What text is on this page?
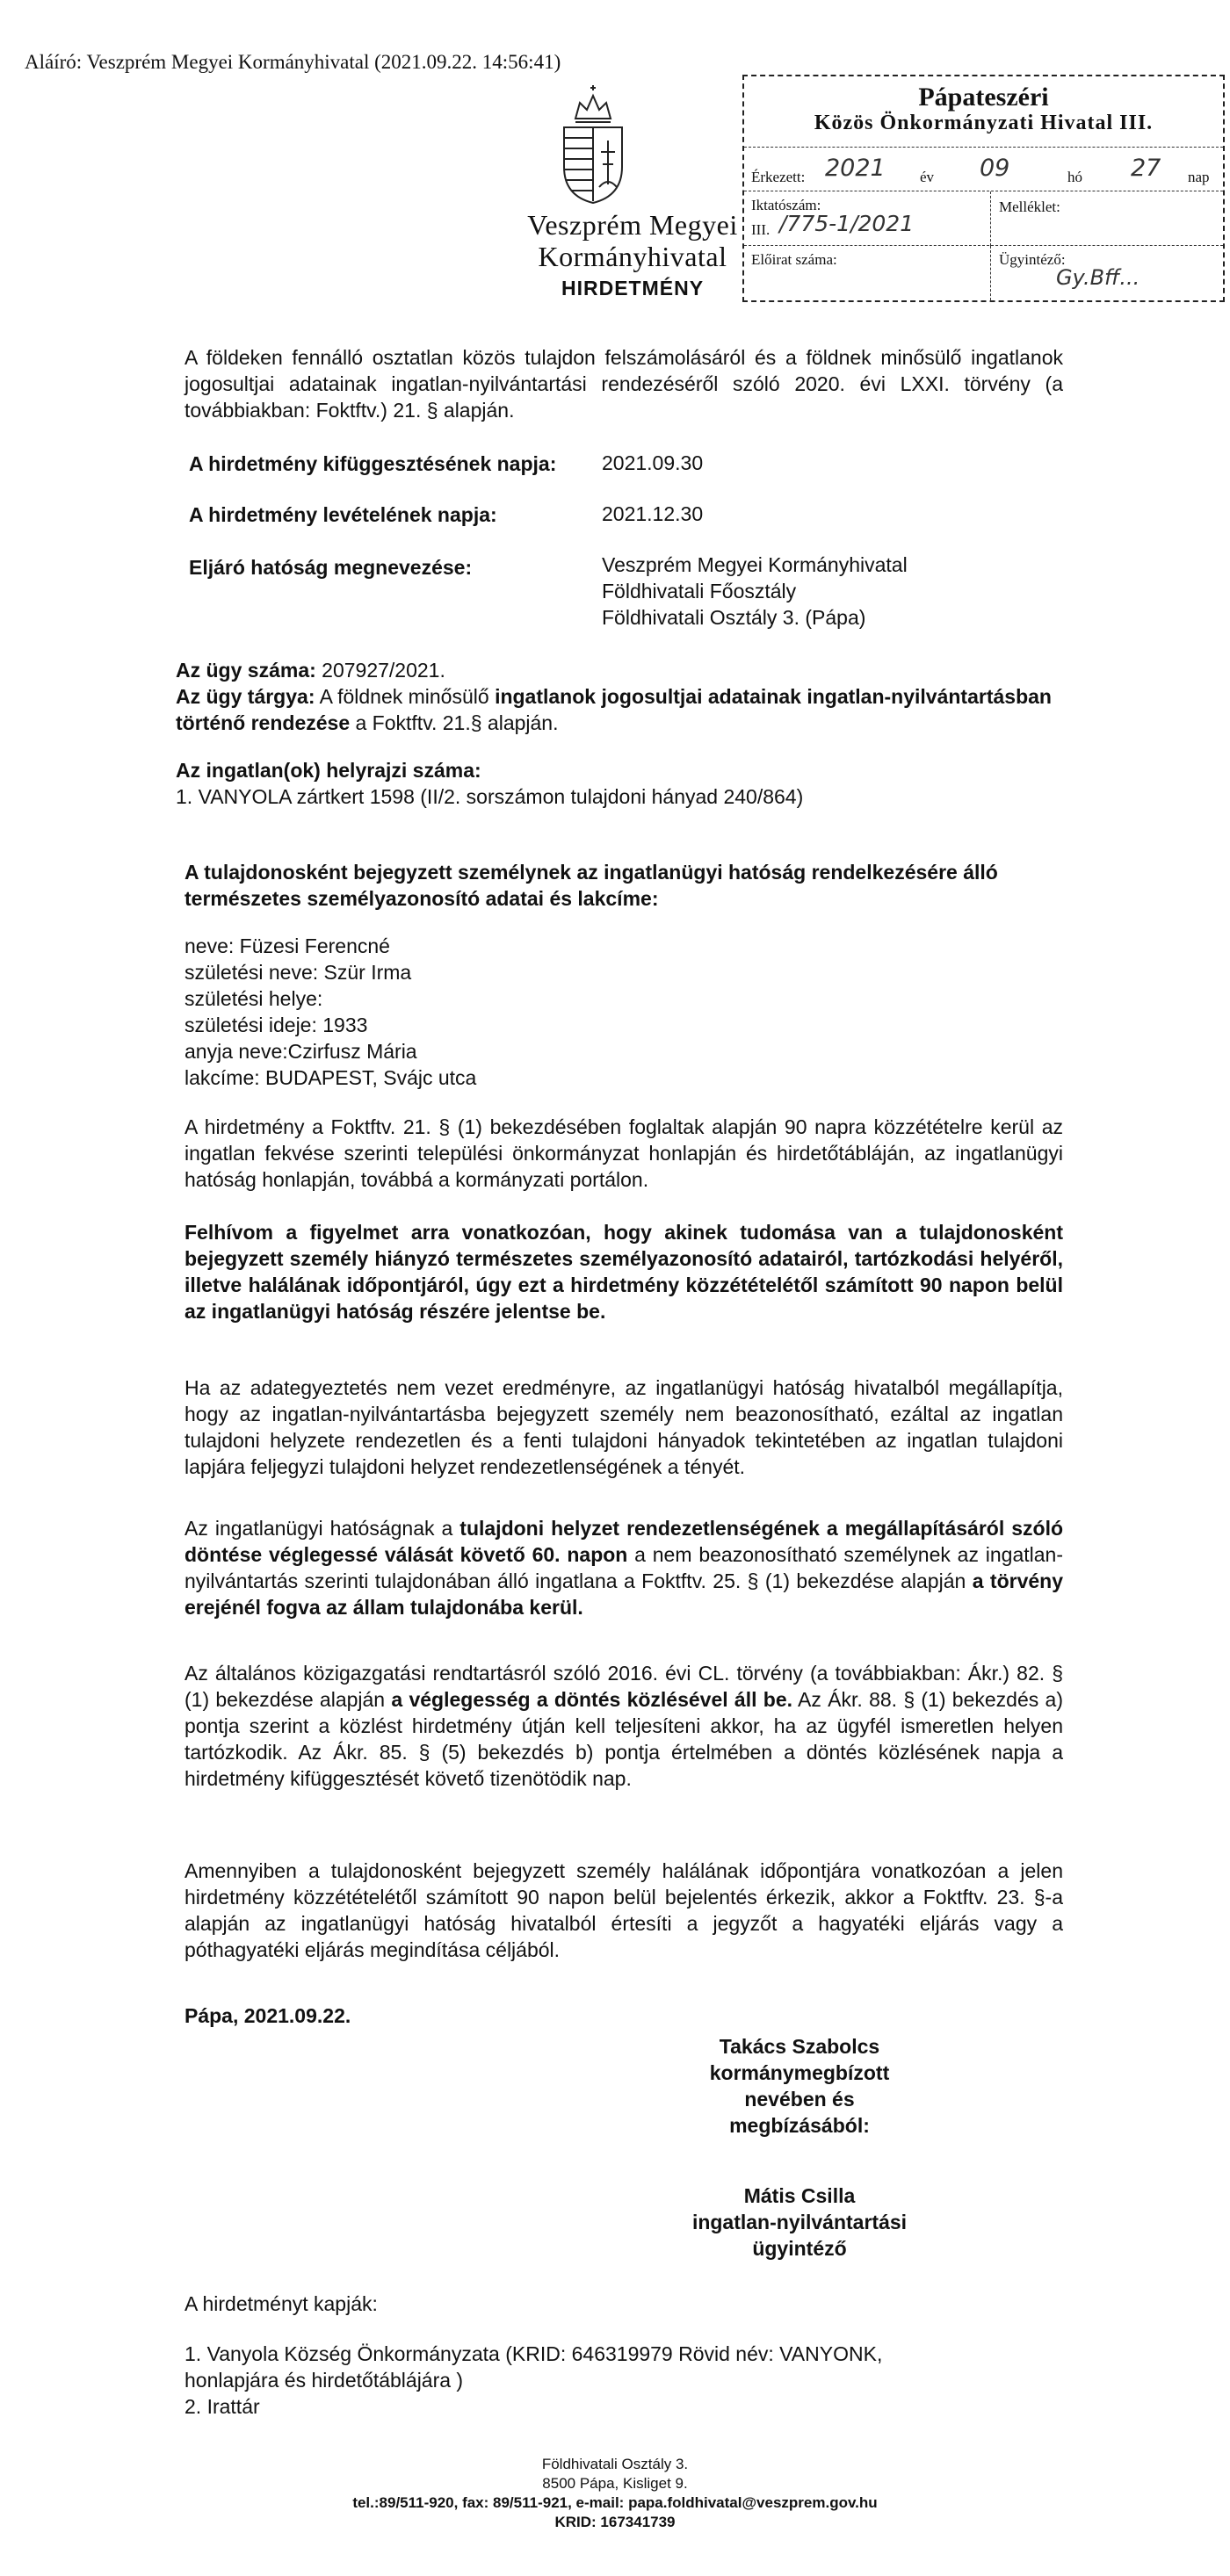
Aláíró: Veszprém Megyei Kormányhivatal (2021.09.22. 14:56:41)
Veszprém Megyei
Kormányhivatal
HIRDETMÉNY
Pápateszéri
Közös Önkormányzati Hivatal III.
Érkezett: 2021 év 09	hó 27 nap
Iktatószám:
III. /775-1/2021
Melléklet:
Előirat száma:	Ügyintéző:
Gy.Bff...
A földeken fennálló osztatlan közös tulajdon felszámolásáról és a földnek minősülő ingatlanok jogosultjai adatainak ingatlan-nyilvántartási rendezéséről szóló 2020. évi LXXI. törvény (a továbbiakban: Foktftv.) 21. § alapján.
A hirdetmény kifüggesztésének napja: 2021.09.30
A hirdetmény levételének napja:	2021.12.30
Eljáró hatóság megnevezése:	Veszprém Megyei Kormányhivatal
Földhivatali Főosztály
Földhivatali Osztály 3. (Pápa)
Az ügy száma: 207927/2021.
Az ügy tárgya: A földnek minősülő ingatlanok jogosultjai adatainak ingatlan-nyilvántartásban történő rendezése a Foktftv. 21.§ alapján.
Az ingatlan(ok) helyrajzi száma:
1. VANYOLA zártkert 1598 (II/2. sorszámon tulajdoni hányad 240/864)
A tulajdonosként bejegyzett személynek az ingatlanügyi hatóság rendelkezésére álló természetes személyazonosító adatai és lakcíme:
neve: Füzesi Ferencné
születési neve: Szür Irma
születési helye:
születési ideje: 1933
anyja neve:Czirfusz Mária
lakcíme: BUDAPEST, Svájc utca
A hirdetmény a Foktftv. 21. § (1) bekezdésében foglaltak alapján 90 napra közzétételre kerül az ingatlan fekvése szerinti települési önkormányzat honlapján és hirdetőtábláján, az ingatlanügyi hatóság honlapján, továbbá a kormányzati portálon.
Felhívom a figyelmet arra vonatkozóan, hogy akinek tudomása van a tulajdonosként bejegyzett személy hiányzó természetes személyazonosító adatairól, tartózkodási helyéről, illetve halálának időpontjáról, úgy ezt a hirdetmény közzétételétől számított 90 napon belül az ingatlanügyi hatóság részére jelentse be.
Ha az adategyeztetés nem vezet eredményre, az ingatlanügyi hatóság hivatalból megállapítja, hogy az ingatlan-nyilvántartásba bejegyzett személy nem beazonosítható, ezáltal az ingatlan tulajdoni helyzete rendezetlen és a fenti tulajdoni hányadok tekintetében az ingatlan tulajdoni lapjára feljegyzi tulajdoni helyzet rendezetlenségének a tényét.
Az ingatlanügyi hatóságnak a tulajdoni helyzet rendezetlenségének a megállapításáról szóló döntése véglegessé válását követő 60. napon a nem beazonosítható személynek az ingatlan- nyilvántartás szerinti tulajdonában álló ingatlana a Foktftv. 25. § (1) bekezdése alapján a törvény erejénél fogva az állam tulajdonába kerül.
Az általános közigazgatási rendtartásról szóló 2016. évi CL. törvény (a továbbiakban: Ákr.) 82. § (1) bekezdése alapján a véglegesség a döntés közlésével áll be. Az Ákr. 88. § (1) bekezdés a) pontja szerint a közlést hirdetmény útján kell teljesíteni akkor, ha az ügyfél ismeretlen helyen tartózkodik. Az Ákr. 85. § (5) bekezdés b) pontja értelmében a döntés közlésének napja a hirdetmény kifüggesztését követő tizenötödik nap.
Amennyiben a tulajdonosként bejegyzett személy halálának időpontjára vonatkozóan a jelen hirdetmény közzétételétől számított 90 napon belül bejelentés érkezik, akkor a Foktftv. 23. §-a alapján az ingatlanügyi hatóság hivatalból értesíti a jegyzőt a hagyatéki eljárás vagy a póthagyatéki eljárás megindítása céljából.
Pápa, 2021.09.22.
Takács Szabolcs
kormánymegbízott
nevében és
megbízásából:
Mátis Csilla
ingatlan-nyilvántartási
ügyintéző
A hirdetményt kapják:
1. Vanyola Község Önkormányzata (KRID: 646319979 Rövid név: VANYONK, honlapjára és hirdetőtáblájára )
2. Irattár
Földhivatali Osztály 3.
8500 Pápa, Kisliget 9.
tel.:89/511-920, fax: 89/511-921, e-mail: papa.foldhivatal@veszprem.gov.hu
KRID: 167341739
